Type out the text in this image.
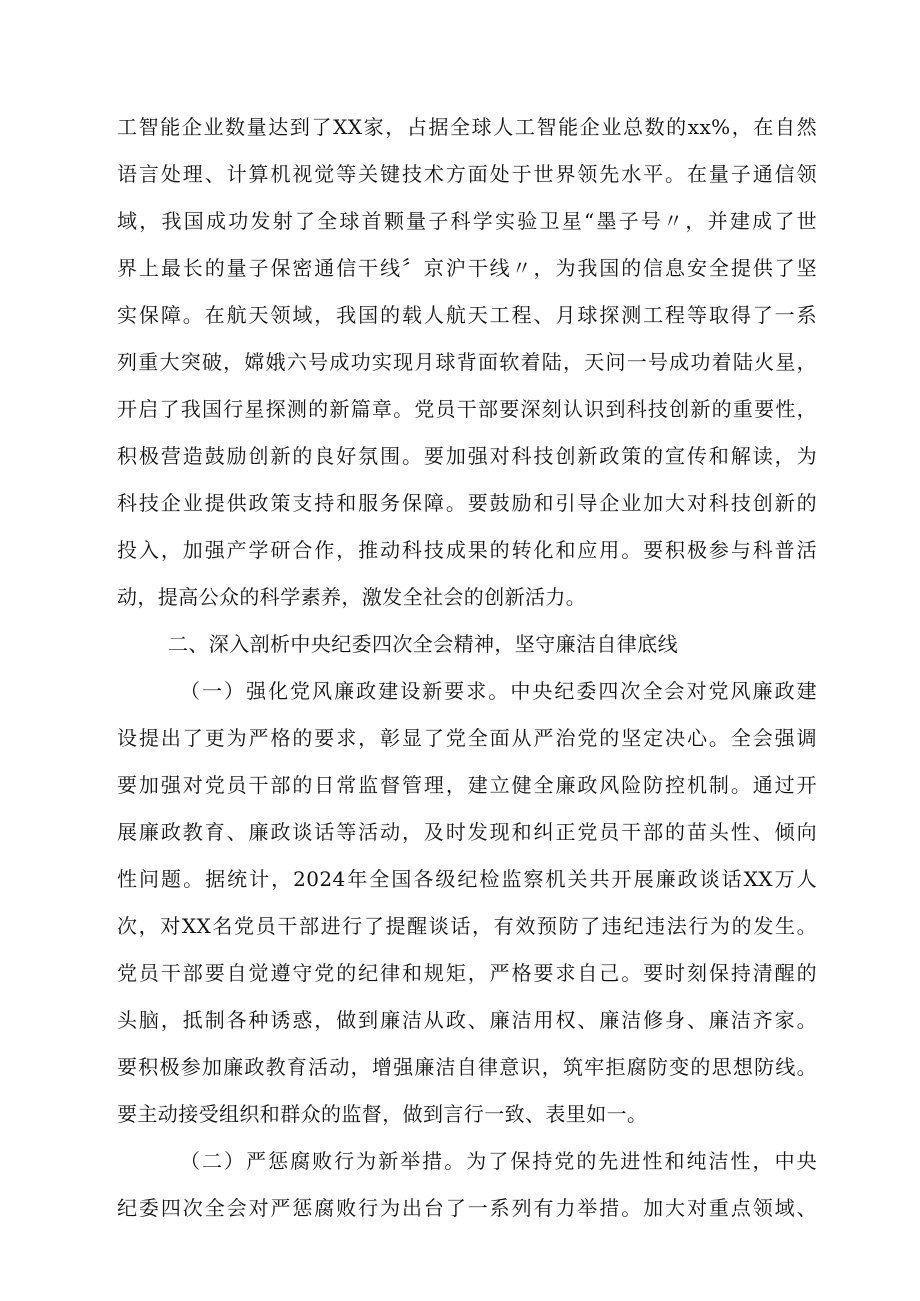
工智能企业数量达到了XX家，占据全球人工智能企业总数的xx%，在自然
语言处理、计算机视觉等关键技术方面处于世界领先水平。在量子通信领
域，我国成功发射了全球首颗量子科学实验卫星“墨子号〃，并建成了世
界上最长的量子保密通信干线〞京沪干线〃，为我国的信息安全提供了坚
实保障。在航天领域，我国的载人航天工程、月球探测工程等取得了一系
列重大突破，嫦娥六号成功实现月球背面软着陆，天问一号成功着陆火星，
开启了我国行星探测的新篇章。党员干部要深刻认识到科技创新的重要性，
积极营造鼓励创新的良好氛围。要加强对科技创新政策的宣传和解读，为
科技企业提供政策支持和服务保障。要鼓励和引导企业加大对科技创新的
投入，加强产学研合作，推动科技成果的转化和应用。要积极参与科普活
动，提高公众的科学素养，激发全社会的创新活力。
二、深入剖析中央纪委四次全会精神，坚守廉洁自律底线
（一）强化党风廉政建设新要求。中央纪委四次全会对党风廉政建
设提出了更为严格的要求，彰显了党全面从严治党的坚定决心。全会强调
要加强对党员干部的日常监督管理，建立健全廉政风险防控机制。通过开
展廉政教育、廉政谈话等活动，及时发现和纠正党员干部的苗头性、倾向
性问题。据统计，2024年全国各级纪检监察机关共开展廉政谈话XX万人
次，对XX名党员干部进行了提醒谈话，有效预防了违纪违法行为的发生。
党员干部要自觉遵守党的纪律和规矩，严格要求自己。要时刻保持清醒的
头脑，抵制各种诱惑，做到廉洁从政、廉洁用权、廉洁修身、廉洁齐家。
要积极参加廉政教育活动，增强廉洁自律意识，筑牢拒腐防变的思想防线。
要主动接受组织和群众的监督，做到言行一致、表里如一。
（二）严惩腐败行为新举措。为了保持党的先进性和纯洁性，中央
纪委四次全会对严惩腐败行为出台了一系列有力举措。加大对重点领域、
